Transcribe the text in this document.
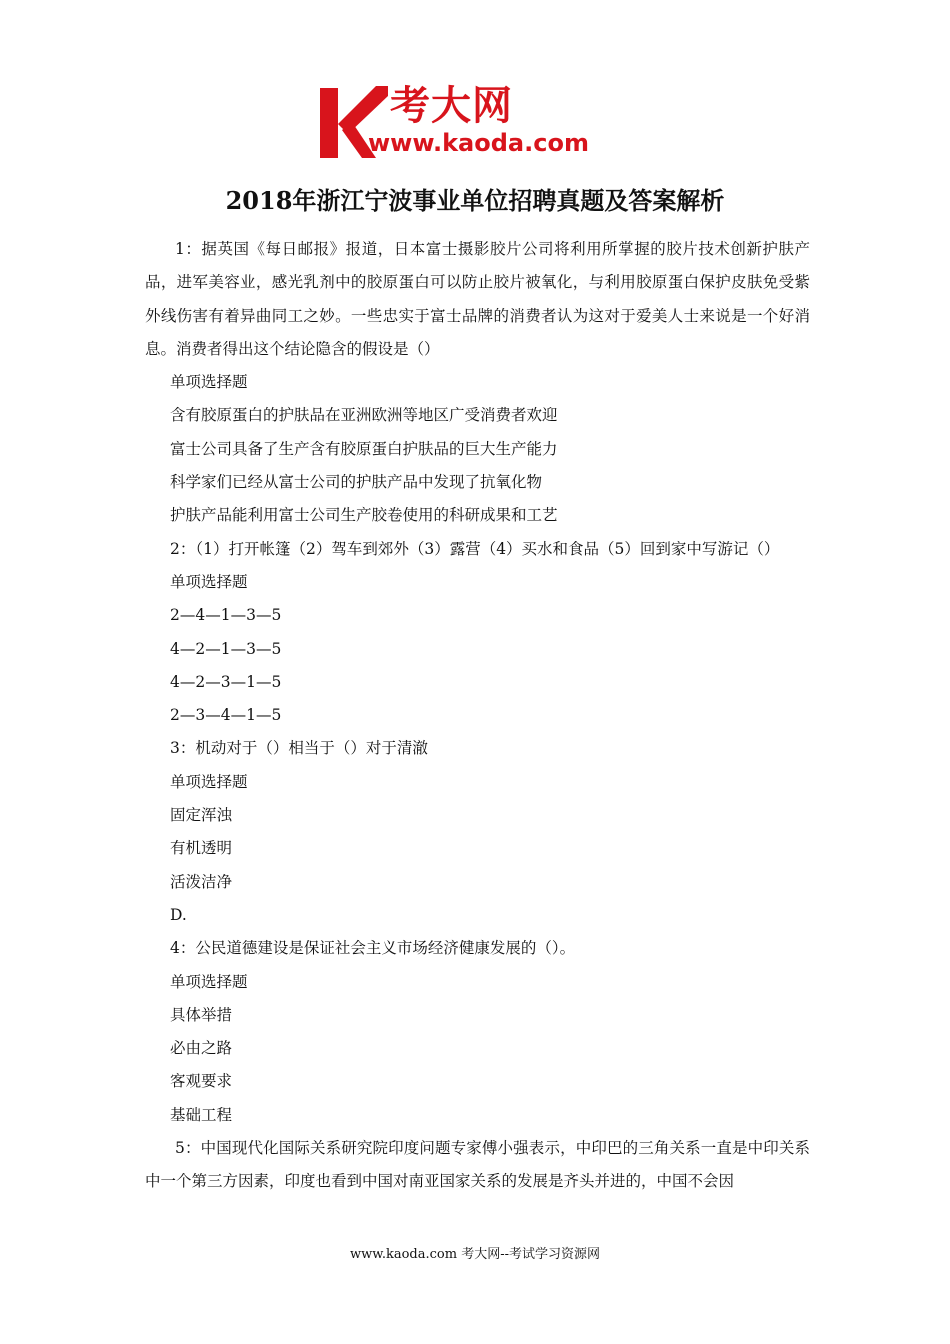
考大网
www.kaoda.com
2018年浙江宁波事业单位招聘真题及答案解析

1：据英国《每日邮报》报道，日本富士摄影胶片公司将利用所掌握的胶片技术创新护肤产品，进军美容业，感光乳剂中的胶原蛋白可以防止胶片被氧化，与利用胶原蛋白保护皮肤免受紫外线伤害有着异曲同工之妙。一些忠实于富士品牌的消费者认为这对于爱美人士来说是一个好消息。消费者得出这个结论隐含的假设是（）

单项选择题

含有胶原蛋白的护肤品在亚洲欧洲等地区广受消费者欢迎

富士公司具备了生产含有胶原蛋白护肤品的巨大生产能力

科学家们已经从富士公司的护肤产品中发现了抗氧化物

护肤产品能利用富士公司生产胶卷使用的科研成果和工艺

2：（1）打开帐篷（2）驾车到郊外（3）露营（4）买水和食品（5）回到家中写游记（）

单项选择题

2—4—1—3—5

4—2—1—3—5

4—2—3—1—5

2—3—4—1—5

3：机动对于（）相当于（）对于清澈

单项选择题

固定浑浊

有机透明

活泼洁净

D.

4：公民道德建设是保证社会主义市场经济健康发展的（）。

单项选择题

具体举措

必由之路

客观要求

基础工程

5：中国现代化国际关系研究院印度问题专家傅小强表示，中印巴的三角关系一直是中印关系中一个第三方因素，印度也看到中国对南亚国家关系的发展是齐头并进的，中国不会因

www.kaoda.com 考大网--考试学习资源网
